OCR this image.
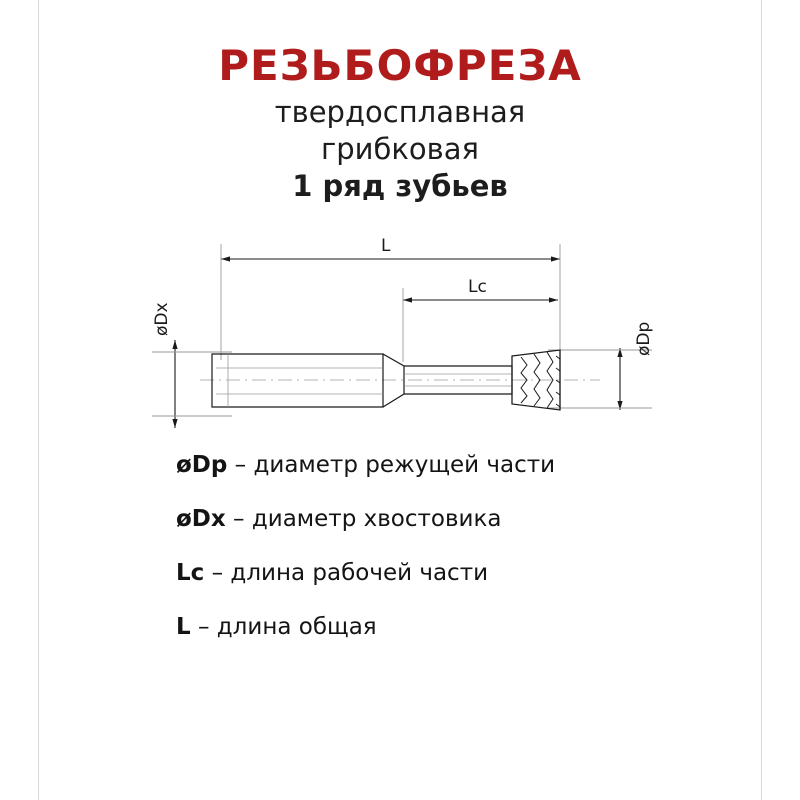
РЕЗЬБОФРЕЗА
твердосплавная
грибковая
1 ряд зубьев
L
Lc
øDx
øDp
øDp – диаметр режущей части
øDx – диаметр хвостовика
Lc – длина рабочей части
L – длина общая
